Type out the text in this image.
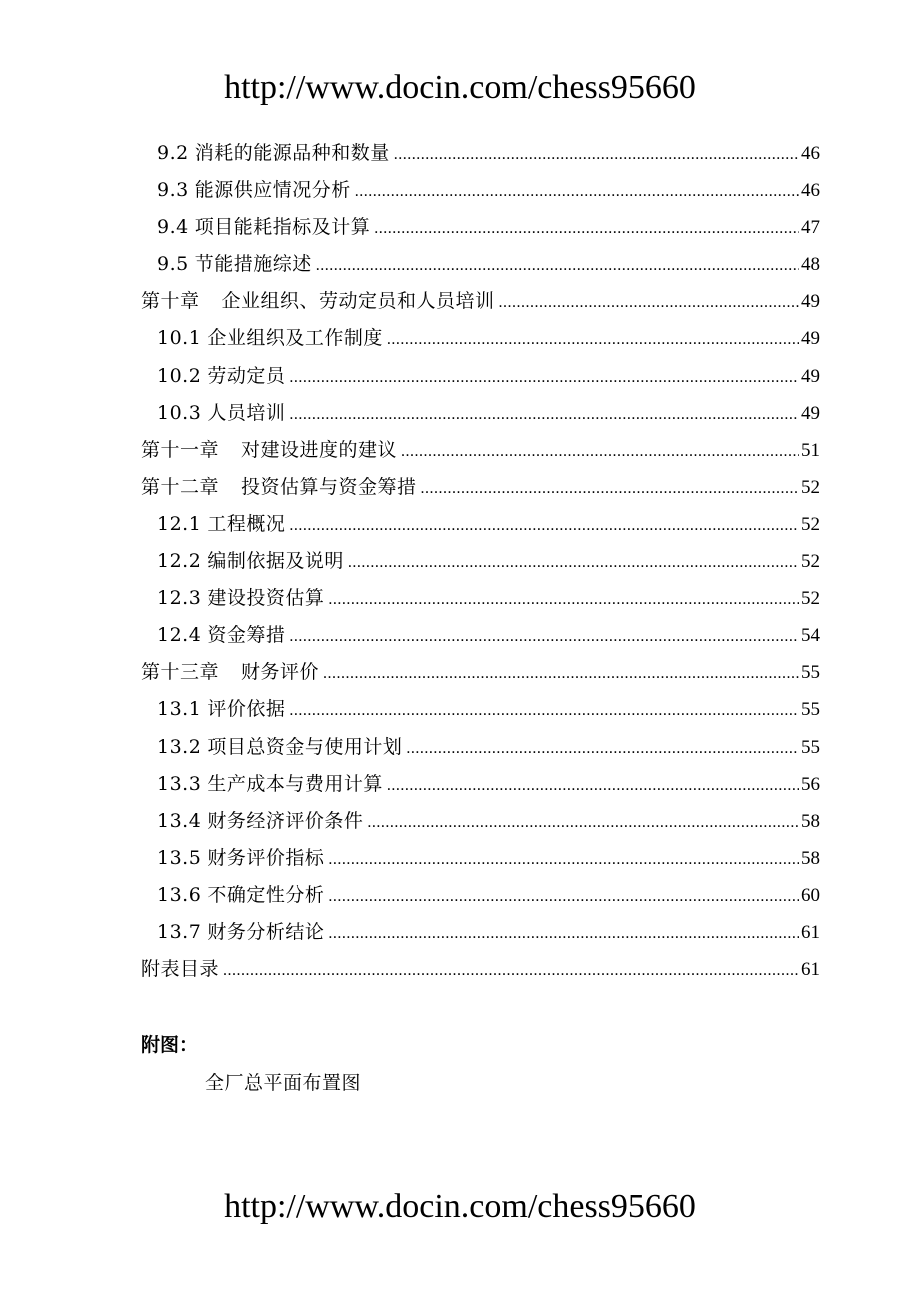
http://www.docin.com/chess95660
9.2 消耗的能源品种和数量 .....	46
9.3 能源供应情况分析 .....	46
9.4 项目能耗指标及计算 .....	47
9.5 节能措施综述 .....	48
第十章 企业组织、劳动定员和人员培训 .....	49
10.1 企业组织及工作制度 .....	49
10.2 劳动定员 .....	49
10.3 人员培训 .....	49
第十一章 对建设进度的建议 .....	51
第十二章 投资估算与资金筹措 .....	52
12.1 工程概况 .....	52
12.2 编制依据及说明 .....	52
12.3 建设投资估算 .....	52
12.4 资金筹措 .....	54
第十三章 财务评价 .....	55
13.1 评价依据 .....	55
13.2 项目总资金与使用计划 .....	55
13.3 生产成本与费用计算 .....	56
13.4 财务经济评价条件 .....	58
13.5 财务评价指标 .....	58
13.6 不确定性分析 .....	60
13.7 财务分析结论 .....	61
附表目录 .....	61
附图：
全厂总平面布置图
http://www.docin.com/chess95660
